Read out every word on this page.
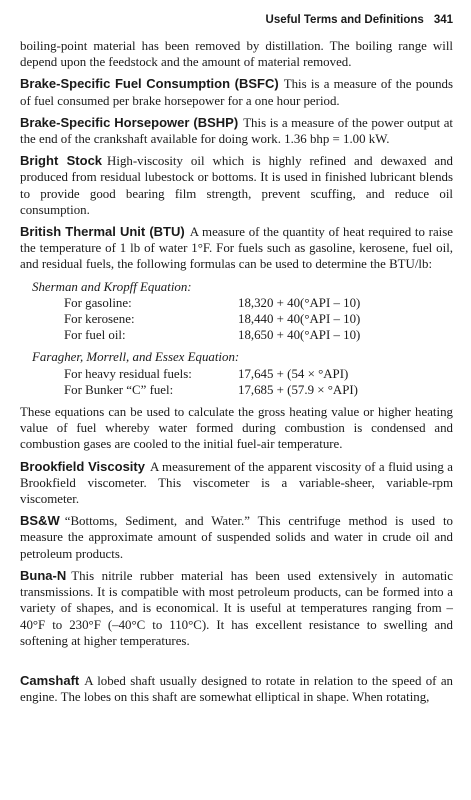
Useful Terms and Definitions 341

boiling-point material has been removed by distillation. The boiling range will depend upon the feedstock and the amount of material removed.

Brake-Specific Fuel Consumption (BSFC) This is a measure of the pounds of fuel consumed per brake horsepower for a one hour period.

Brake-Specific Horsepower (BSHP) This is a measure of the power output at the end of the crankshaft available for doing work. 1.36 bhp = 1.00 kW.

Bright Stock High-viscosity oil which is highly refined and dewaxed and produced from residual lubestock or bottoms. It is used in finished lubricant blends to provide good bearing film strength, prevent scuffing, and reduce oil consumption.

British Thermal Unit (BTU) A measure of the quantity of heat required to raise the temperature of 1 lb of water 1°F. For fuels such as gasoline, kerosene, fuel oil, and residual fuels, the following formulas can be used to determine the BTU/lb:

Sherman and Kropff Equation:
For gasoline:	18,320 + 40(°API – 10)
For kerosene:	18,440 + 40(°API – 10)
For fuel oil:	18,650 + 40(°API – 10)
Faragher, Morrell, and Essex Equation:
For heavy residual fuels:	17,645 + (54 × °API)
For Bunker “C” fuel:	17,685 + (57.9 × °API)

These equations can be used to calculate the gross heating value or higher heating value of fuel whereby water formed during combustion is condensed and combustion gases are cooled to the initial fuel-air temperature.

Brookfield Viscosity A measurement of the apparent viscosity of a fluid using a Brookfield viscometer. This viscometer is a variable-sheer, variable-rpm viscometer.

BS&W “Bottoms, Sediment, and Water.” This centrifuge method is used to measure the approximate amount of suspended solids and water in crude oil and petroleum products.

Buna-N This nitrile rubber material has been used extensively in automatic transmissions. It is compatible with most petroleum products, can be formed into a variety of shapes, and is economical. It is useful at temperatures ranging from –40°F to 230°F (–40°C to 110°C). It has excellent resistance to swelling and softening at higher temperatures.

Camshaft A lobed shaft usually designed to rotate in relation to the speed of an engine. The lobes on this shaft are somewhat elliptical in shape. When rotating,
